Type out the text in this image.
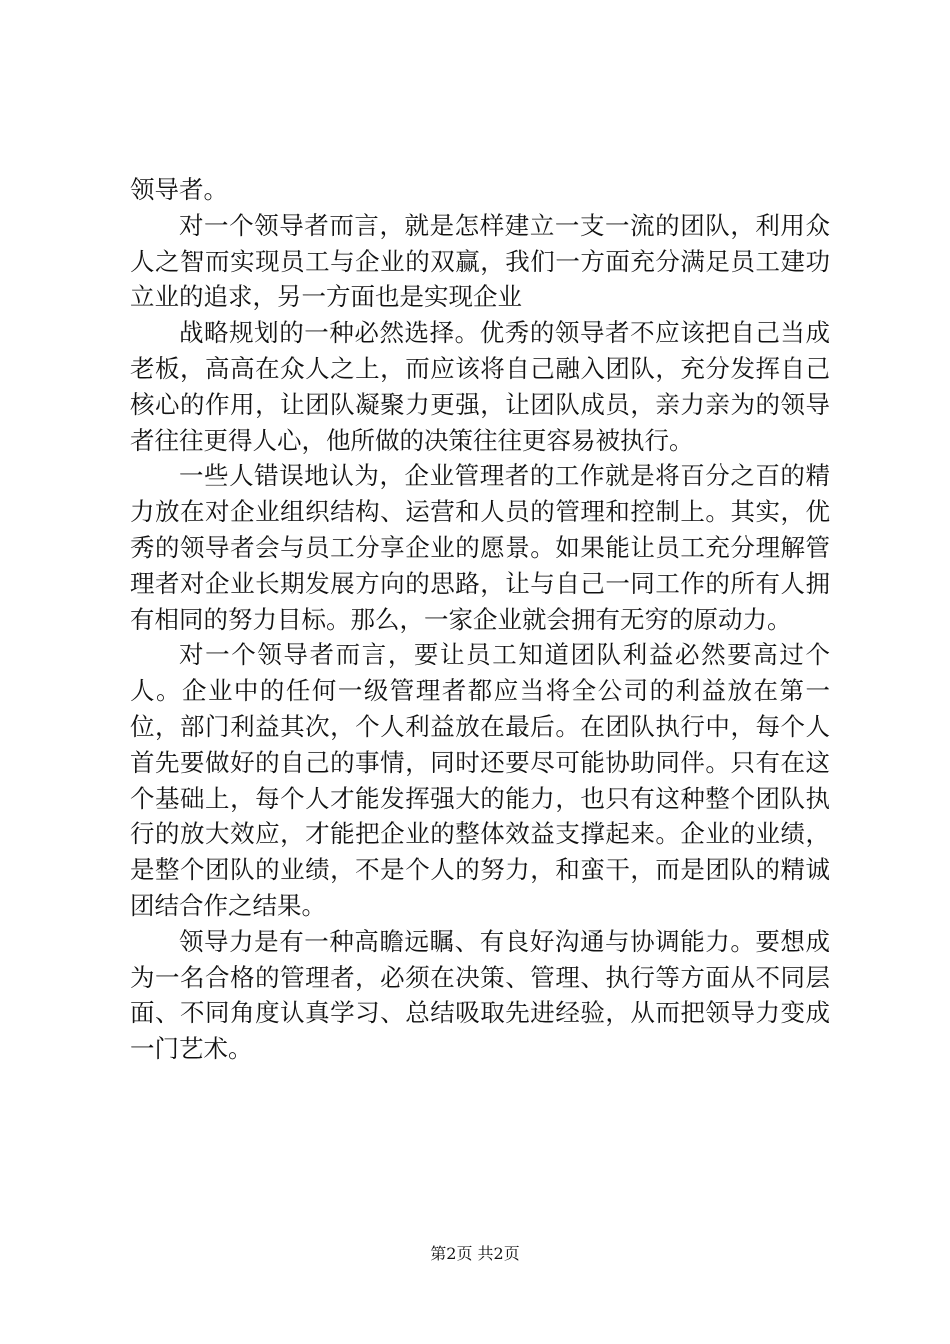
领导者。

对一个领导者而言，就是怎样建立一支一流的团队，利用众人之智而实现员工与企业的双赢，我们一方面充分满足员工建功立业的追求，另一方面也是实现企业

战略规划的一种必然选择。优秀的领导者不应该把自己当成老板，高高在众人之上，而应该将自己融入团队，充分发挥自己核心的作用，让团队凝聚力更强，让团队成员，亲力亲为的领导者往往更得人心，他所做的决策往往更容易被执行。

一些人错误地认为，企业管理者的工作就是将百分之百的精力放在对企业组织结构、运营和人员的管理和控制上。其实，优秀的领导者会与员工分享企业的愿景。如果能让员工充分理解管理者对企业长期发展方向的思路，让与自己一同工作的所有人拥有相同的努力目标。那么，一家企业就会拥有无穷的原动力。

对一个领导者而言，要让员工知道团队利益必然要高过个人。企业中的任何一级管理者都应当将全公司的利益放在第一位，部门利益其次，个人利益放在最后。在团队执行中，每个人首先要做好的自己的事情，同时还要尽可能协助同伴。只有在这个基础上，每个人才能发挥强大的能力，也只有这种整个团队执行的放大效应，才能把企业的整体效益支撑起来。企业的业绩，是整个团队的业绩，不是个人的努力，和蛮干，而是团队的精诚团结合作之结果。

领导力是有一种高瞻远瞩、有良好沟通与协调能力。要想成为一名合格的管理者，必须在决策、管理、执行等方面从不同层面、不同角度认真学习、总结吸取先进经验，从而把领导力变成一门艺术。

第2页 共2页
